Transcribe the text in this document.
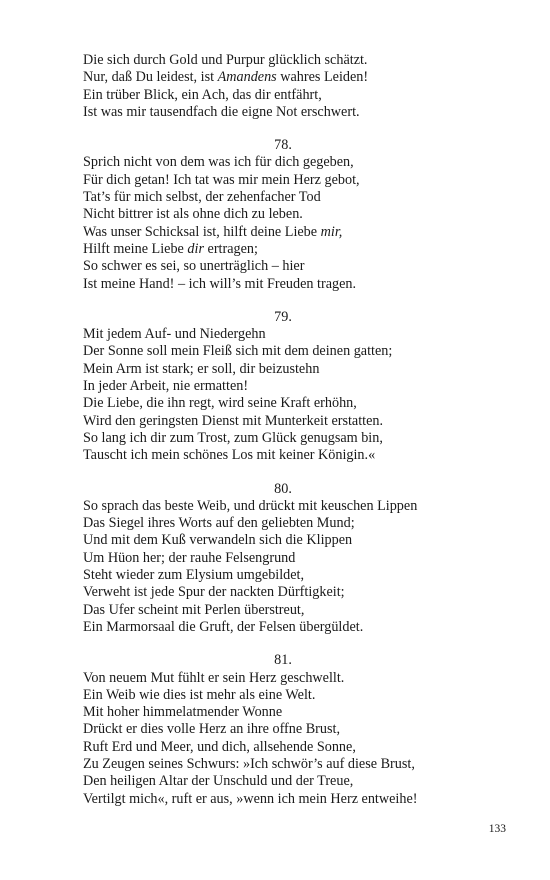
Die sich durch Gold und Purpur glücklich schätzt.
Nur, daß Du leidest, ist Amandens wahres Leiden!
Ein trüber Blick, ein Ach, das dir entfährt,
Ist was mir tausendfach die eigne Not erschwert.

78.

Sprich nicht von dem was ich für dich gegeben,
Für dich getan! Ich tat was mir mein Herz gebot,
Tat’s für mich selbst, der zehenfacher Tod
Nicht bittrer ist als ohne dich zu leben.
Was unser Schicksal ist, hilft deine Liebe mir,
Hilft meine Liebe dir ertragen;
So schwer es sei, so unerträglich – hier
Ist meine Hand! – ich will’s mit Freuden tragen.

79.

Mit jedem Auf- und Niedergehn
Der Sonne soll mein Fleiß sich mit dem deinen gatten;
Mein Arm ist stark; er soll, dir beizustehn
In jeder Arbeit, nie ermatten!
Die Liebe, die ihn regt, wird seine Kraft erhöhn,
Wird den geringsten Dienst mit Munterkeit erstatten.
So lang ich dir zum Trost, zum Glück genugsam bin,
Tauscht ich mein schönes Los mit keiner Königin.«

80.

So sprach das beste Weib, und drückt mit keuschen Lippen
Das Siegel ihres Worts auf den geliebten Mund;
Und mit dem Kuß verwandeln sich die Klippen
Um Hüon her; der rauhe Felsengrund
Steht wieder zum Elysium umgebildet,
Verweht ist jede Spur der nackten Dürftigkeit;
Das Ufer scheint mit Perlen überstreut,
Ein Marmorsaal die Gruft, der Felsen übergüldet.

81.

Von neuem Mut fühlt er sein Herz geschwellt.
Ein Weib wie dies ist mehr als eine Welt.
Mit hoher himmelatmender Wonne
Drückt er dies volle Herz an ihre offne Brust,
Ruft Erd und Meer, und dich, allsehende Sonne,
Zu Zeugen seines Schwurs: »Ich schwör’s auf diese Brust,
Den heiligen Altar der Unschuld und der Treue,
Vertilgt mich«, ruft er aus, »wenn ich mein Herz entweihe!
133
